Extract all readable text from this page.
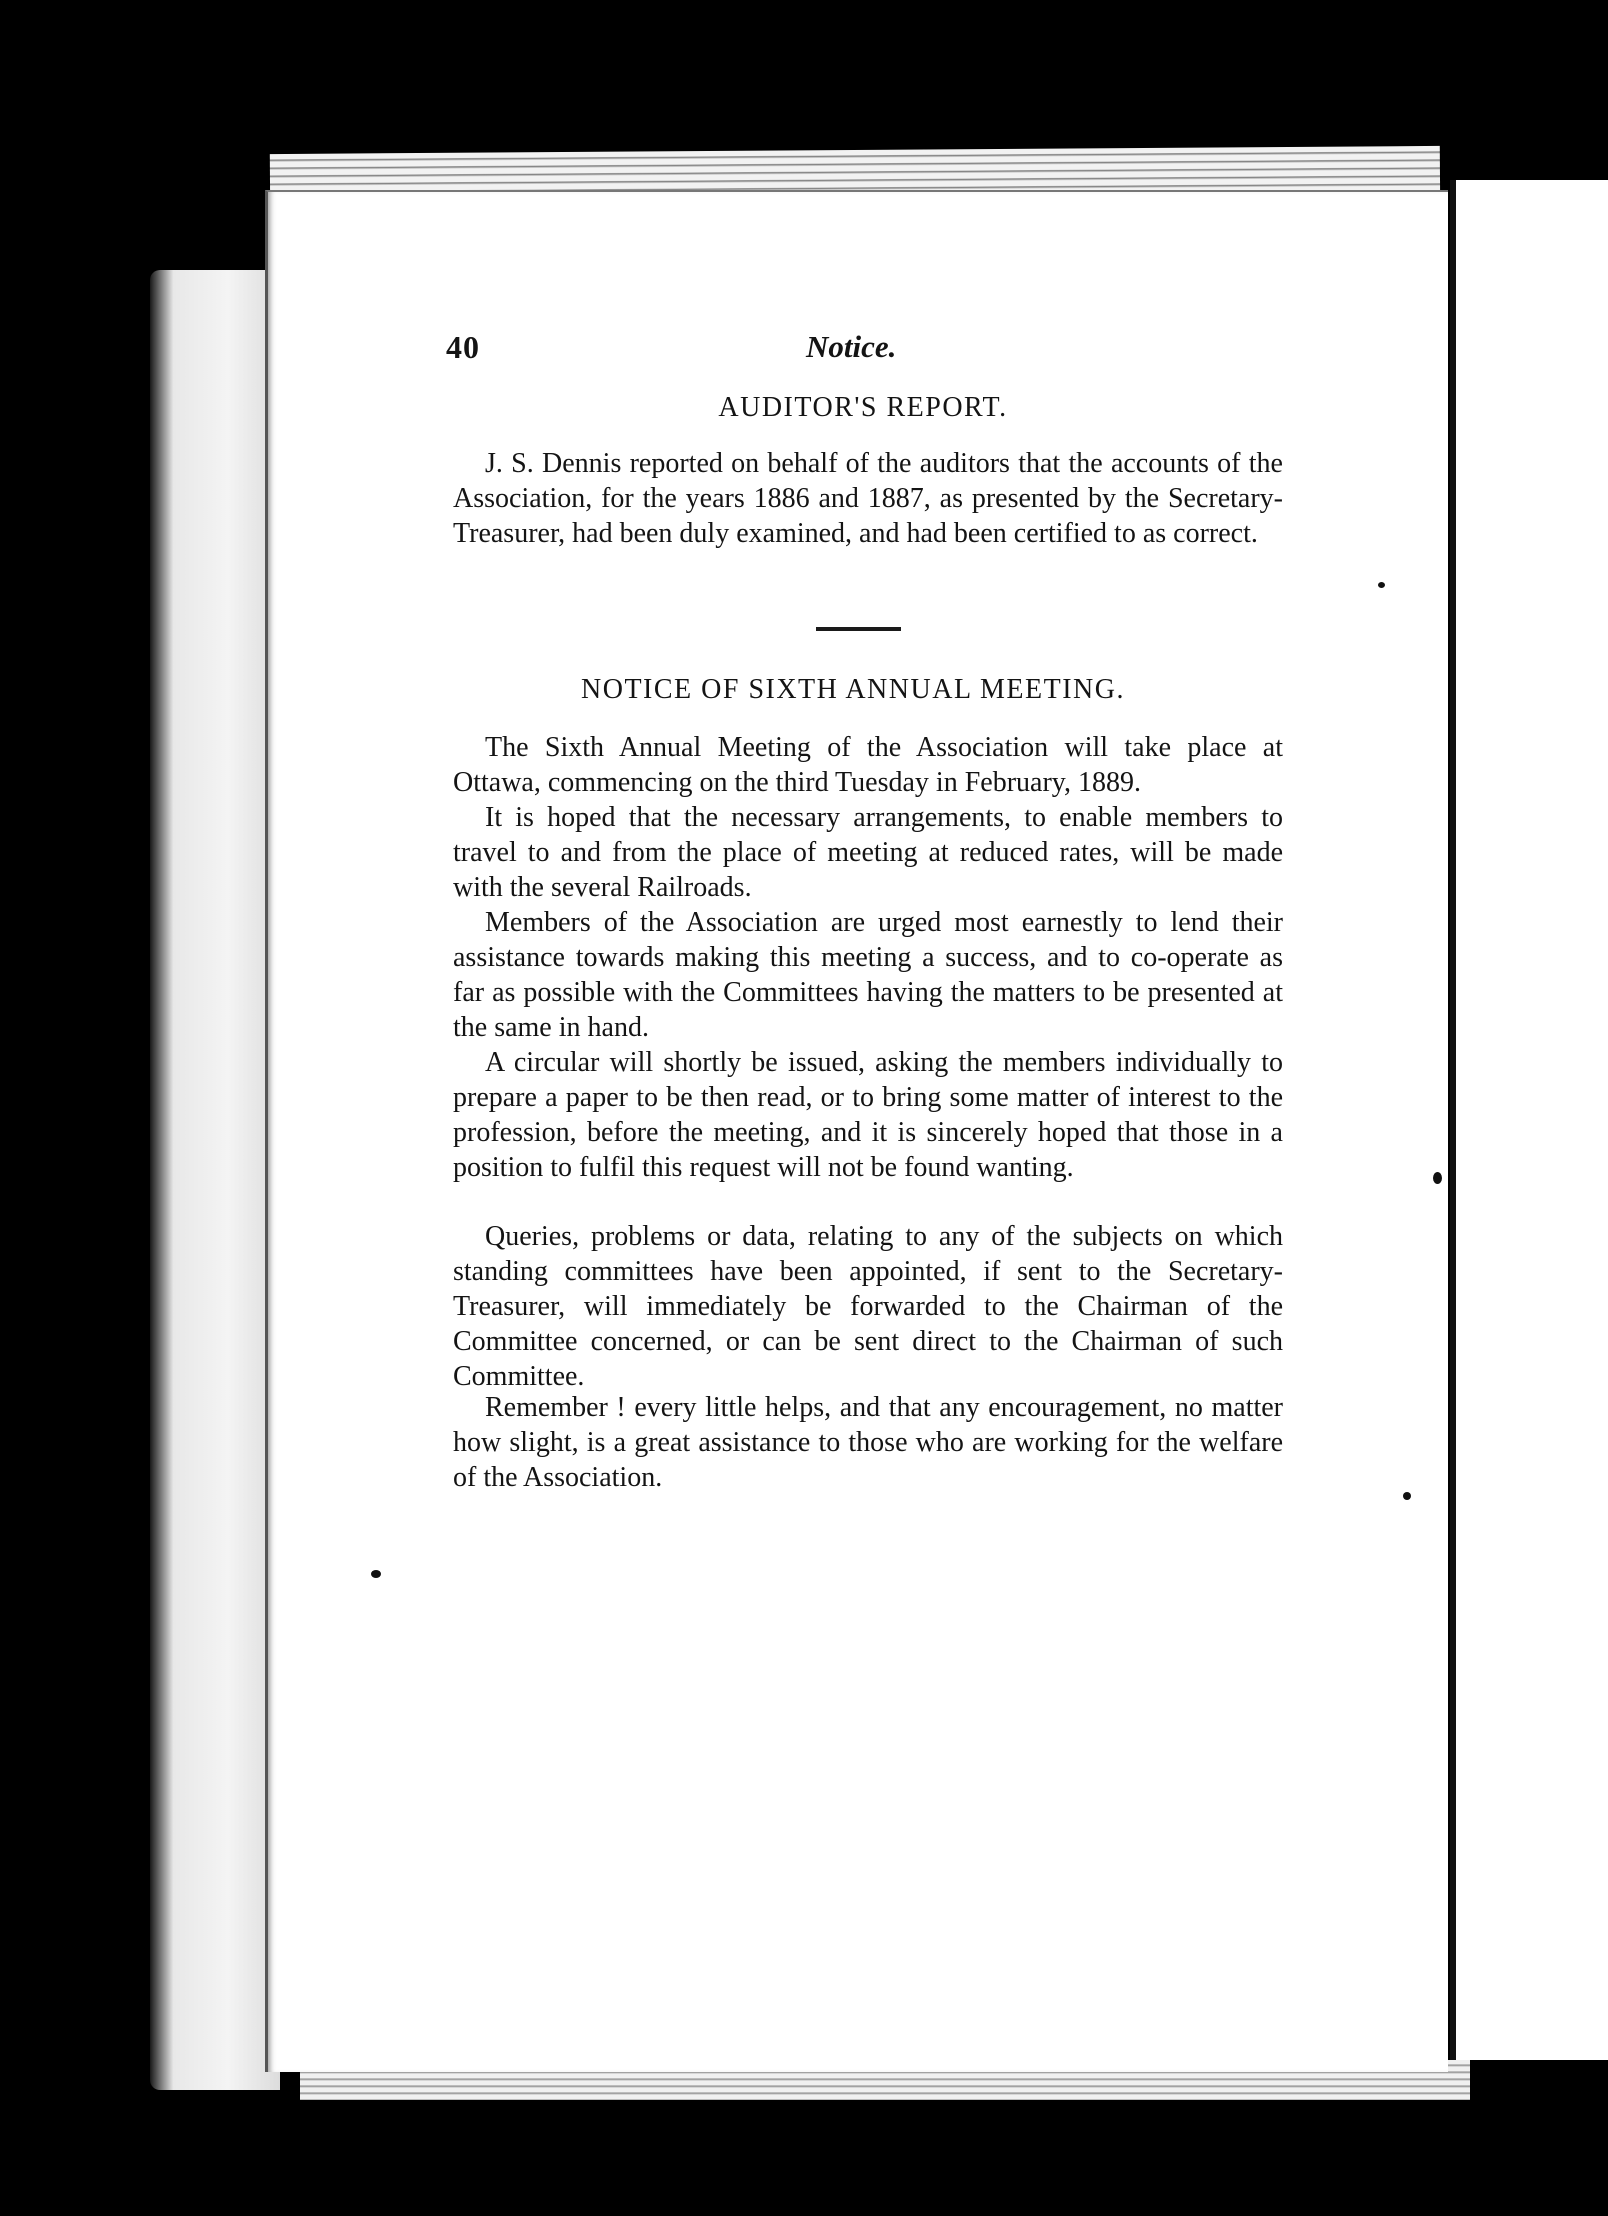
40	Notice.
AUDITOR'S REPORT.
J. S. Dennis reported on behalf of the auditors that the accounts of the Association, for the years 1886 and 1887, as presented by the Secretary-Treasurer, had been duly examined, and had been certified to as correct.
NOTICE OF SIXTH ANNUAL MEETING.
The Sixth Annual Meeting of the Association will take place at Ottawa, commencing on the third Tuesday in February, 1889.
It is hoped that the necessary arrangements, to enable members to travel to and from the place of meeting at reduced rates, will be made with the several Railroads.
Members of the Association are urged most earnestly to lend their assistance towards making this meeting a success, and to co-operate as far as possible with the Committees having the matters to be presented at the same in hand.
A circular will shortly be issued, asking the members individually to prepare a paper to be then read, or to bring some matter of interest to the profession, before the meeting, and it is sincerely hoped that those in a position to fulfil this request will not be found wanting.
Queries, problems or data, relating to any of the subjects on which standing committees have been appointed, if sent to the Secretary-Treasurer, will immediately be forwarded to the Chairman of the Committee concerned, or can be sent direct to the Chairman of such Committee.
Remember ! every little helps, and that any encouragement, no matter how slight, is a great assistance to those who are working for the welfare of the Association.
